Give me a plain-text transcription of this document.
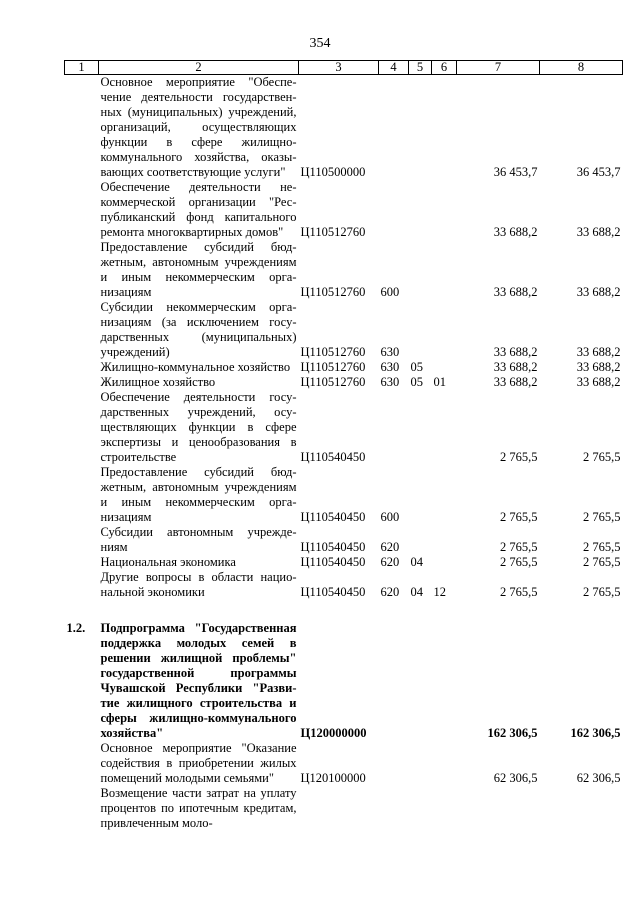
354
1	2	3	4	5	6	7	8
	Основное мероприятие "Обеспечение деятельности государственных (муниципальных) учреждений, организаций, осуществляющих функции в сфере жилищно-коммунального хозяйства, оказывающих соответствующие услуги"	Ц110500000				36 453,7	36 453,7
	Обеспечение деятельности некоммерческой организации "Республиканский фонд капитального ремонта многоквартирных домов"	Ц110512760				33 688,2	33 688,2
	Предоставление субсидий бюджетным, автономным учреждениям и иным некоммерческим организациям	Ц110512760	600			33 688,2	33 688,2
	Субсидии некоммерческим организациям (за исключением государственных (муниципальных) учреждений)	Ц110512760	630			33 688,2	33 688,2
	Жилищно-коммунальное хозяйство	Ц110512760	630	05		33 688,2	33 688,2
	Жилищное хозяйство	Ц110512760	630	05	01	33 688,2	33 688,2
	Обеспечение деятельности государственных учреждений, осуществляющих функции в сфере экспертизы и ценообразования в строительстве	Ц110540450				2 765,5	2 765,5
	Предоставление субсидий бюджетным, автономным учреждениям и иным некоммерческим организациям	Ц110540450	600			2 765,5	2 765,5
	Субсидии автономным учреждениям	Ц110540450	620			2 765,5	2 765,5
	Национальная экономика	Ц110540450	620	04		2 765,5	2 765,5
	Другие вопросы в области национальной экономики	Ц110540450	620	04	12	2 765,5	2 765,5

1.2.	Подпрограмма "Государственная поддержка молодых семей в решении жилищной проблемы" государственной программы Чувашской Республики "Развитие жилищного строительства и сферы жилищно-коммунального хозяйства"	Ц120000000				162 306,5	162 306,5
	Основное мероприятие "Оказание содействия в приобретении жилых помещений молодыми семьями"	Ц120100000				62 306,5	62 306,5
	Возмещение части затрат на уплату процентов по ипотечным кредитам, привлеченным моло-						
